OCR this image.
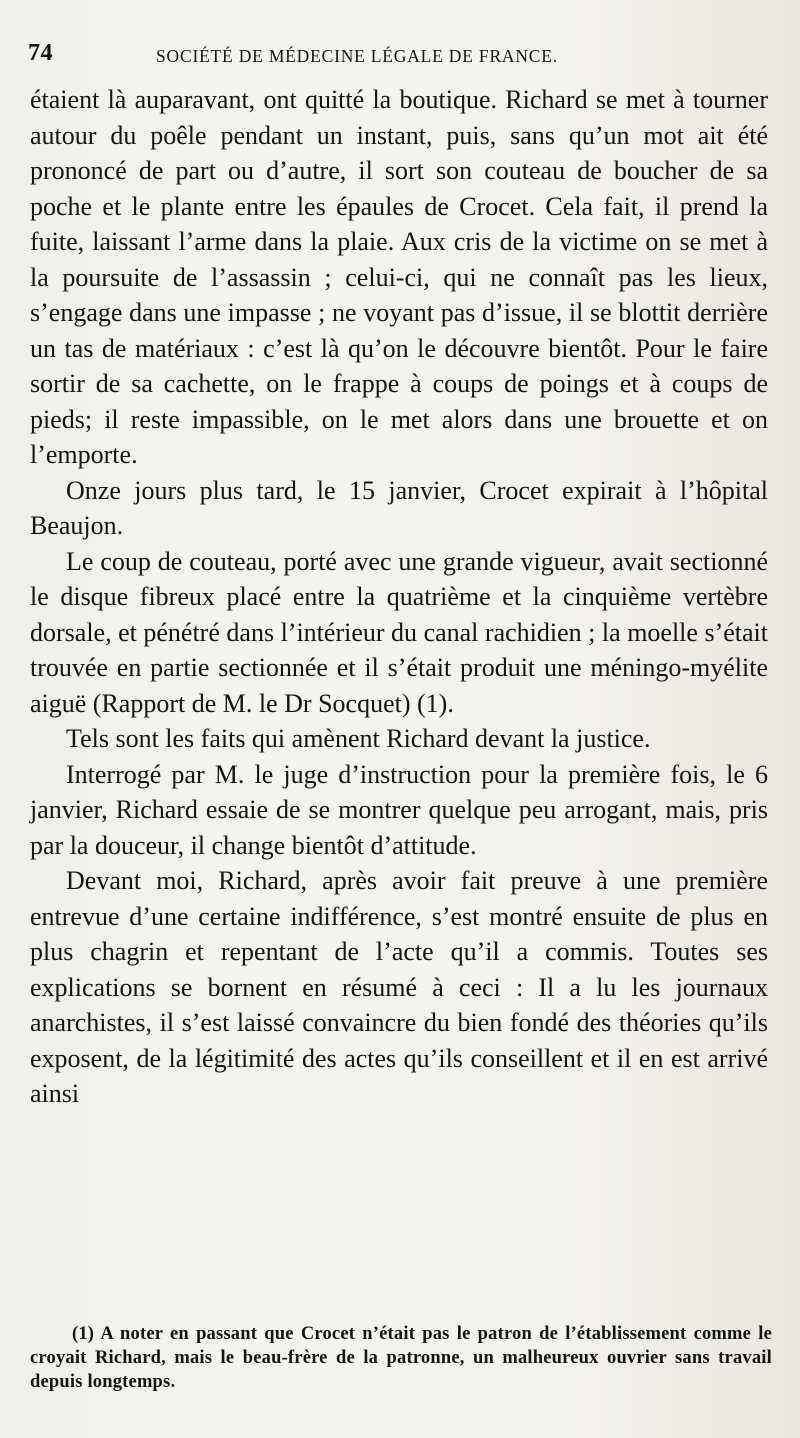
74	SOCIÉTÉ DE MÉDECINE LÉGALE DE FRANCE.

étaient là auparavant, ont quitté la boutique. Richard se met à tourner autour du poêle pendant un instant, puis, sans qu’un mot ait été prononcé de part ou d’autre, il sort son couteau de boucher de sa poche et le plante entre les épaules de Crocet. Cela fait, il prend la fuite, laissant l’arme dans la plaie. Aux cris de la victime on se met à la poursuite de l’assassin ; celui-ci, qui ne connaît pas les lieux, s’engage dans une impasse ; ne voyant pas d’issue, il se blottit derrière un tas de matériaux : c’est là qu’on le découvre bientôt. Pour le faire sortir de sa cachette, on le frappe à coups de poings et à coups de pieds; il reste impassible, on le met alors dans une brouette et on l’emporte.

Onze jours plus tard, le 15 janvier, Crocet expirait à l’hôpital Beaujon.

Le coup de couteau, porté avec une grande vigueur, avait sectionné le disque fibreux placé entre la quatrième et la cinquième vertèbre dorsale, et pénétré dans l’intérieur du canal rachidien ; la moelle s’était trouvée en partie sectionnée et il s’était produit une méningo-myélite aiguë (Rapport de M. le Dr Socquet) (1).

Tels sont les faits qui amènent Richard devant la justice.

Interrogé par M. le juge d’instruction pour la première fois, le 6 janvier, Richard essaie de se montrer quelque peu arrogant, mais, pris par la douceur, il change bientôt d’attitude.

Devant moi, Richard, après avoir fait preuve à une première entrevue d’une certaine indifférence, s’est montré ensuite de plus en plus chagrin et repentant de l’acte qu’il a commis. Toutes ses explications se bornent en résumé à ceci : Il a lu les journaux anarchistes, il s’est laissé convaincre du bien fondé des théories qu’ils exposent, de la légitimité des actes qu’ils conseillent et il en est arrivé ainsi

(1) A noter en passant que Crocet n’était pas le patron de l’établissement comme le croyait Richard, mais le beau-frère de la patronne, un malheureux ouvrier sans travail depuis longtemps.
